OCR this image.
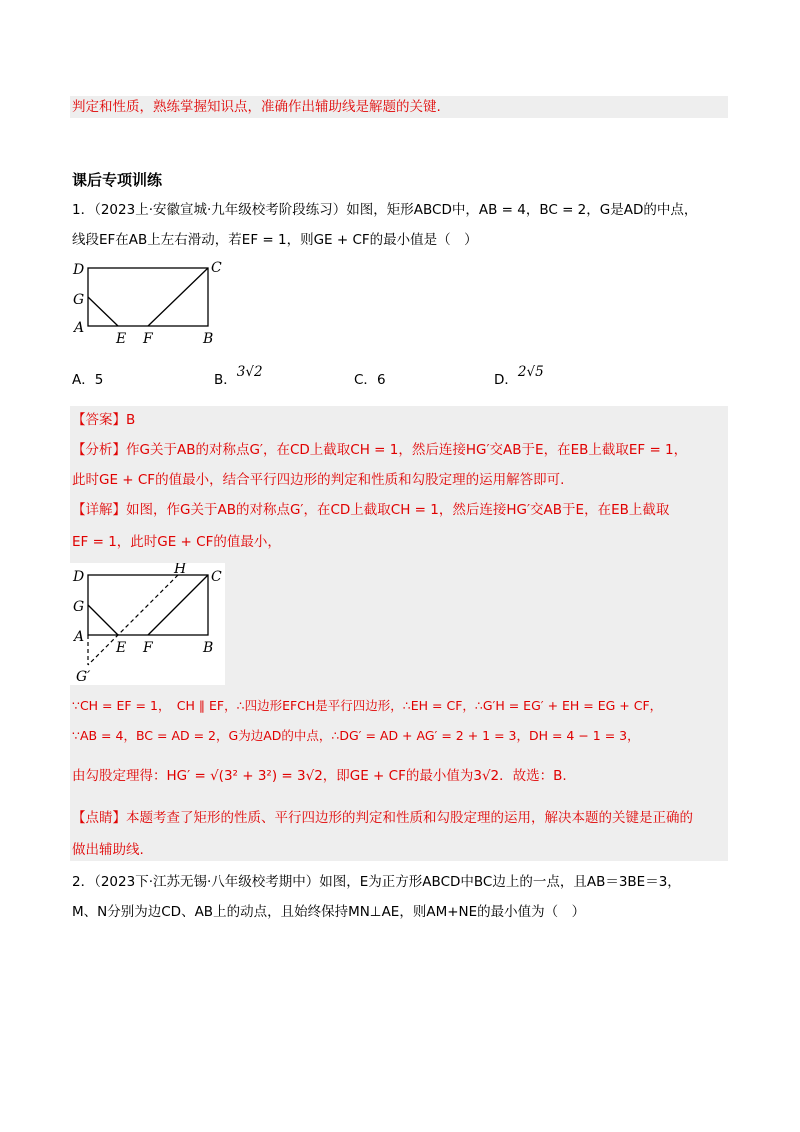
判定和性质，熟练掌握知识点，准确作出辅助线是解题的关键.
课后专项训练
1．（2023上·安徽宣城·九年级校考阶段练习）如图，矩形ABCD中，AB = 4，BC = 2，G是AD的中点，
线段EF在AB上左右滑动，若EF = 1，则GE + CF的最小值是（　）
D	C
G
A
E F	B
A．5	B．3√2	C．6	D．2√5
【答案】B
【分析】作G关于AB的对称点G′，在CD上截取CH = 1，然后连接HG′交AB于E，在EB上截取EF = 1，
此时GE + CF的值最小，结合平行四边形的判定和性质和勾股定理的运用解答即可.
【详解】如图，作G关于AB的对称点G′，在CD上截取CH = 1，然后连接HG′交AB于E，在EB上截取
EF = 1，此时GE + CF的值最小，
D	H C
G
A
E F	B
G′
∵CH = EF = 1，　CH ∥ EF，∴四边形EFCH是平行四边形，∴EH = CF，∴G′H = EG′ + EH = EG + CF，
∵AB = 4，BC = AD = 2，G为边AD的中点，∴DG′ = AD + AG′ = 2 + 1 = 3，DH = 4 − 1 = 3，
由勾股定理得：HG′ = √(3² + 3²) = 3√2，即GE + CF的最小值为3√2．故选：B.
【点睛】本题考查了矩形的性质、平行四边形的判定和性质和勾股定理的运用，解决本题的关键是正确的
做出辅助线.
2．（2023下·江苏无锡·八年级校考期中）如图，E为正方形ABCD中BC边上的一点，且AB＝3BE＝3，
M、N分别为边CD、AB上的动点，且始终保持MN⊥AE，则AM+NE的最小值为（　）
